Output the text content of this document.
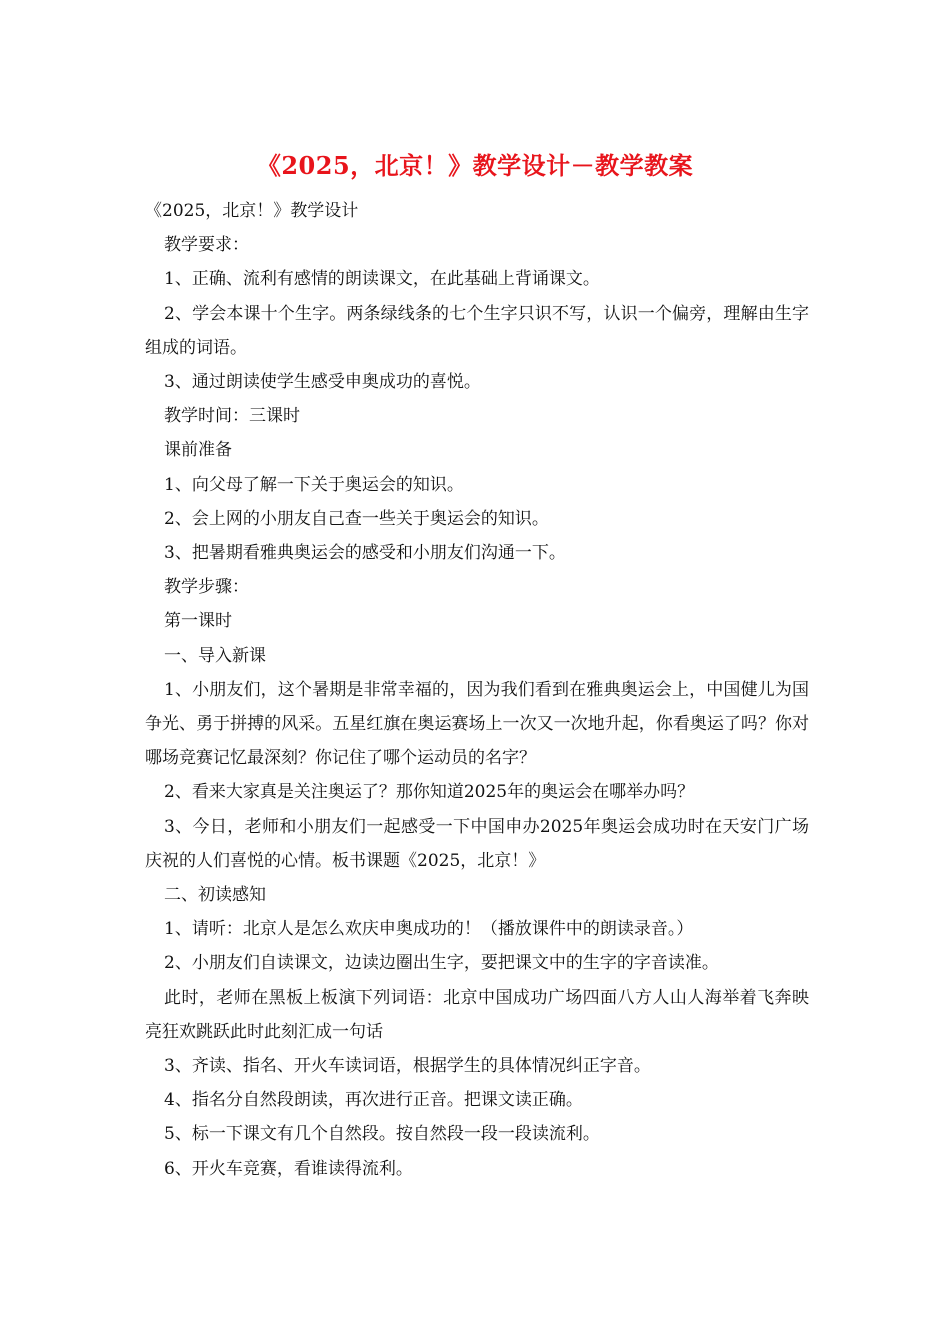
《2025，北京！》教学设计－教学教案

《2025，北京！》教学设计

教学要求：

1、正确、流利有感情的朗读课文，在此基础上背诵课文。

2、学会本课十个生字。两条绿线条的七个生字只识不写，认识一个偏旁，理解由生字组成的词语。

3、通过朗读使学生感受申奥成功的喜悦。

教学时间：三课时

课前准备

1、向父母了解一下关于奥运会的知识。

2、会上网的小朋友自己查一些关于奥运会的知识。

3、把暑期看雅典奥运会的感受和小朋友们沟通一下。

教学步骤：

第一课时

一、导入新课

1、小朋友们，这个暑期是非常幸福的，因为我们看到在雅典奥运会上，中国健儿为国争光、勇于拼搏的风采。五星红旗在奥运赛场上一次又一次地升起，你看奥运了吗？你对哪场竞赛记忆最深刻？你记住了哪个运动员的名字？

2、看来大家真是关注奥运了？那你知道2025年的奥运会在哪举办吗？

3、今日，老师和小朋友们一起感受一下中国申办2025年奥运会成功时在天安门广场庆祝的人们喜悦的心情。板书课题《2025，北京！》

二、初读感知

1、请听：北京人是怎么欢庆申奥成功的！（播放课件中的朗读录音。）

2、小朋友们自读课文，边读边圈出生字，要把课文中的生字的字音读准。

此时，老师在黑板上板演下列词语：北京中国成功广场四面八方人山人海举着飞奔映亮狂欢跳跃此时此刻汇成一句话

3、齐读、指名、开火车读词语，根据学生的具体情况纠正字音。

4、指名分自然段朗读，再次进行正音。把课文读正确。

5、标一下课文有几个自然段。按自然段一段一段读流利。

6、开火车竞赛，看谁读得流利。
